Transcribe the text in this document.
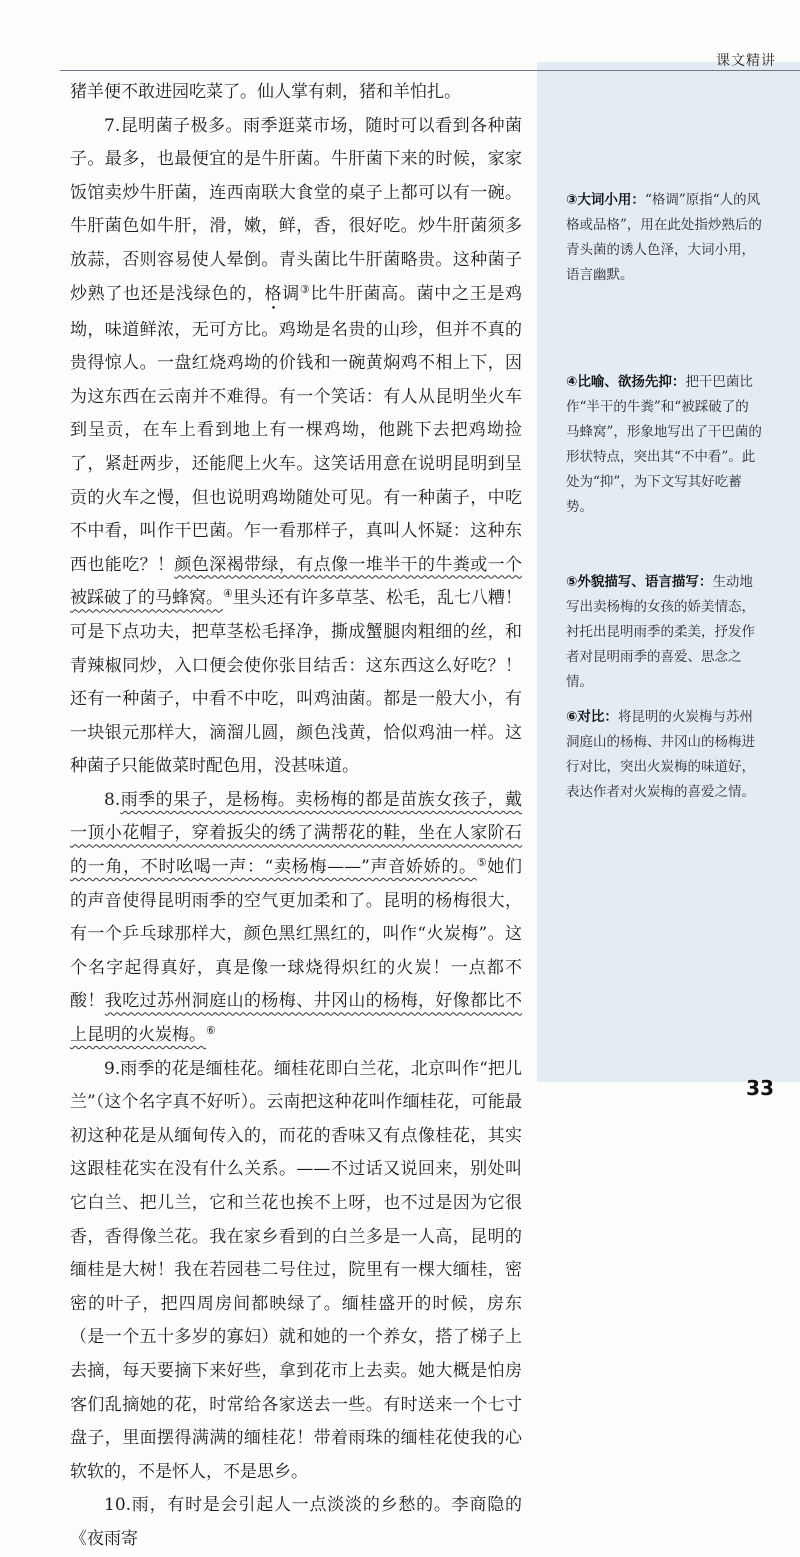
课文精讲

猪羊便不敢进园吃菜了。仙人掌有刺，猪和羊怕扎。

7.昆明菌子极多。雨季逛菜市场，随时可以看到各种菌子。最多，也最便宜的是牛肝菌。牛肝菌下来的时候，家家饭馆卖炒牛肝菌，连西南联大食堂的桌子上都可以有一碗。牛肝菌色如牛肝，滑，嫩，鲜，香，很好吃。炒牛肝菌须多放蒜，否则容易使人晕倒。青头菌比牛肝菌略贵。这种菌子炒熟了也还是浅绿色的，格调③比牛肝菌高。菌中之王是鸡坳，味道鲜浓，无可方比。鸡坳是名贵的山珍，但并不真的贵得惊人。一盘红烧鸡坳的价钱和一碗黄焖鸡不相上下，因为这东西在云南并不难得。有一个笑话：有人从昆明坐火车到呈贡，在车上看到地上有一棵鸡坳，他跳下去把鸡坳捡了，紧赶两步，还能爬上火车。这笑话用意在说明昆明到呈贡的火车之慢，但也说明鸡坳随处可见。有一种菌子，中吃不中看，叫作干巴菌。乍一看那样子，真叫人怀疑：这种东西也能吃？！颜色深褐带绿，有点像一堆半干的牛粪或一个被踩破了的马蜂窝。④里头还有许多草茎、松毛，乱七八糟！可是下点功夫，把草茎松毛择净，撕成蟹腿肉粗细的丝，和青辣椒同炒，入口便会使你张目结舌：这东西这么好吃？！还有一种菌子，中看不中吃，叫鸡油菌。都是一般大小，有一块银元那样大，滴溜儿圆，颜色浅黄，恰似鸡油一样。这种菌子只能做菜时配色用，没甚味道。

8.雨季的果子，是杨梅。卖杨梅的都是苗族女孩子，戴一顶小花帽子，穿着扳尖的绣了满帮花的鞋，坐在人家阶石的一角，不时吆喝一声：“卖杨梅——”声音娇娇的。⑤她们的声音使得昆明雨季的空气更加柔和了。昆明的杨梅很大，有一个乒乓球那样大，颜色黑红黑红的，叫作“火炭梅”。这个名字起得真好，真是像一球烧得炽红的火炭！一点都不酸！我吃过苏州洞庭山的杨梅、井冈山的杨梅，好像都比不上昆明的火炭梅。⑥

9.雨季的花是缅桂花。缅桂花即白兰花，北京叫作“把儿兰”（这个名字真不好听）。云南把这种花叫作缅桂花，可能最初这种花是从缅甸传入的，而花的香味又有点像桂花，其实这跟桂花实在没有什么关系。——不过话又说回来，别处叫它白兰、把儿兰，它和兰花也挨不上呀，也不过是因为它很香，香得像兰花。我在家乡看到的白兰多是一人高，昆明的缅桂是大树！我在若园巷二号住过，院里有一棵大缅桂，密密的叶子，把四周房间都映绿了。缅桂盛开的时候，房东（是一个五十多岁的寡妇）就和她的一个养女，搭了梯子上去摘，每天要摘下来好些，拿到花市上去卖。她大概是怕房客们乱摘她的花，时常给各家送去一些。有时送来一个七寸盘子，里面摆得满满的缅桂花！带着雨珠的缅桂花使我的心软软的，不是怀人，不是思乡。

10.雨，有时是会引起人一点淡淡的乡愁的。李商隐的《夜雨寄

③大词小用：“格调”原指“人的风格或品格”，用在此处指炒熟后的青头菌的诱人色泽，大词小用，语言幽默。
④比喻、欲扬先抑：把干巴菌比作“半干的牛粪”和“被踩破了的马蜂窝”，形象地写出了干巴菌的形状特点，突出其“不中看”。此处为“抑”，为下文写其好吃蓄势。
⑤外貌描写、语言描写：生动地写出卖杨梅的女孩的娇美情态，衬托出昆明雨季的柔美，抒发作者对昆明雨季的喜爱、思念之情。
⑥对比：将昆明的火炭梅与苏州洞庭山的杨梅、井冈山的杨梅进行对比，突出火炭梅的味道好，表达作者对火炭梅的喜爱之情。
33
